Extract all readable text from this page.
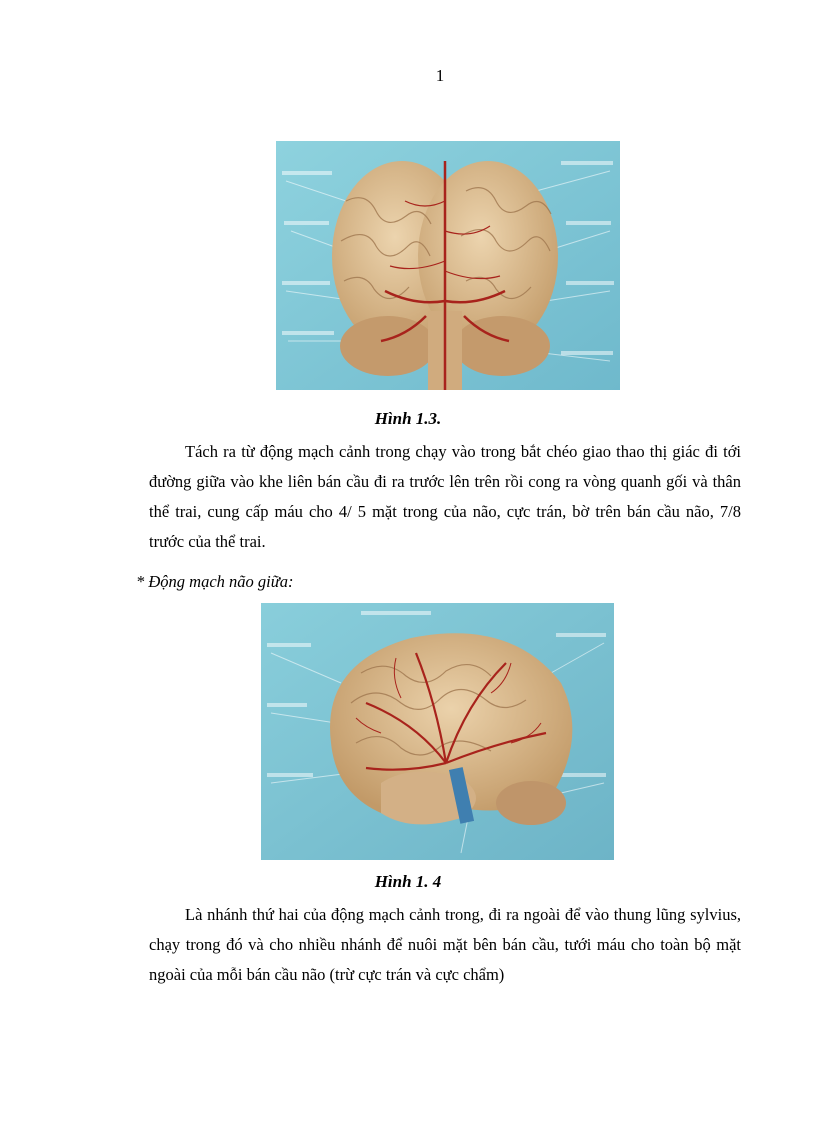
1
Hình 1.3.

Tách ra từ động mạch cảnh trong chạy vào trong bắt chéo giao thao thị giác đi tới đường giữa vào khe liên bán cầu đi ra trước lên trên rồi cong ra vòng quanh gối và thân thể trai, cung cấp máu cho 4/ 5 mặt trong của não, cực trán, bờ trên bán cầu não, 7/8 trước của thể trai.

* Động mạch não giữa:
Hình 1. 4

Là nhánh thứ hai của động mạch cảnh trong, đi ra ngoài để vào thung lũng sylvius, chạy trong đó và cho nhiều nhánh để nuôi mặt bên bán cầu, tưới máu cho toàn bộ mặt ngoài của mỗi bán cầu não (trừ cực trán và cực chẩm)
